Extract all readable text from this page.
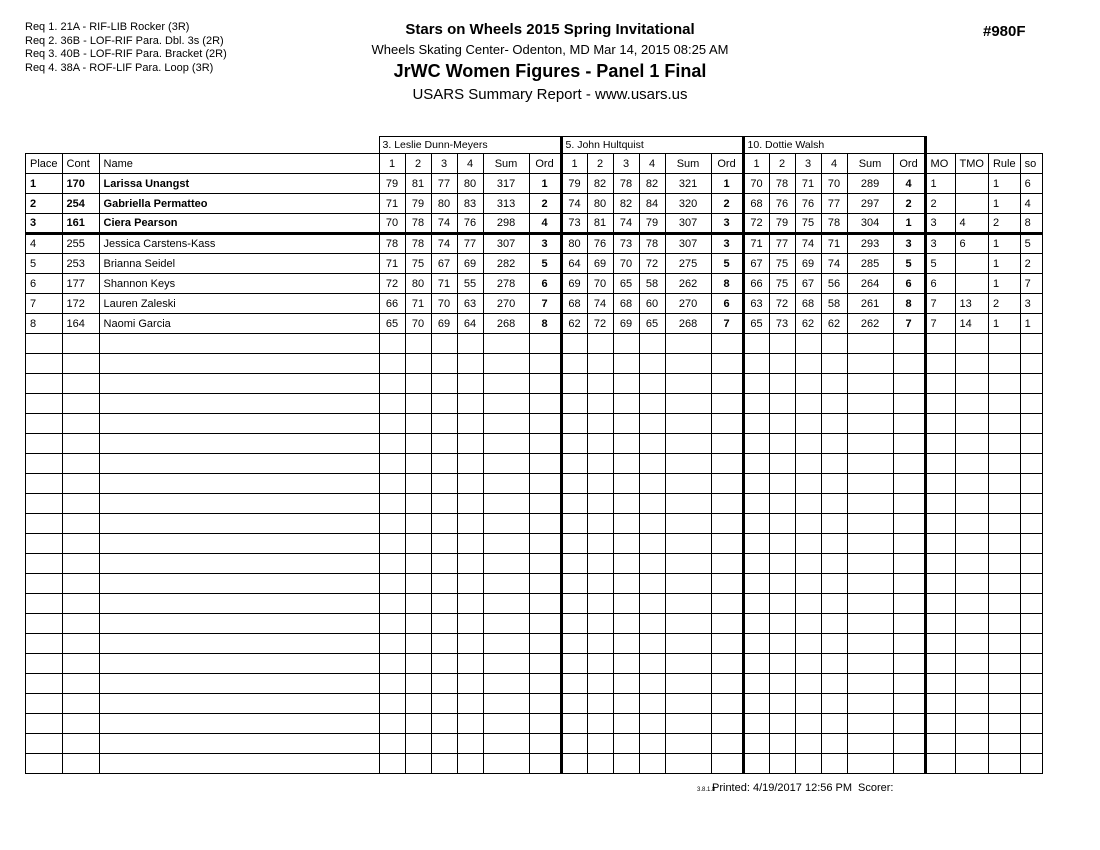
Req 1. 21A - RIF-LIB Rocker (3R)
Req 2. 36B - LOF-RIF Para. Dbl. 3s (2R)
Req 3. 40B - LOF-RIF Para. Bracket (2R)
Req 4. 38A - ROF-LIF Para. Loop (3R)
Stars on Wheels 2015 Spring Invitational
Wheels Skating Center- Odenton, MD Mar 14, 2015 08:25 AM
JrWC Women Figures - Panel 1 Final
USARS Summary Report - www.usars.us
#980F
			3. Leslie Dunn-Meyers						5. John Hultquist						10. Dottie Walsh									
Place	Cont	Name	1	2	3	4	Sum	Ord	1	2	3	4	Sum	Ord	1	2	3	4	Sum	Ord	MO	TMO	Rule	so
1	170	Larissa Unangst	79	81	77	80	317	1	79	82	78	82	321	1	70	78	71	70	289	4	1		1	6
2	254	Gabriella Permatteo	71	79	80	83	313	2	74	80	82	84	320	2	68	76	76	77	297	2	2		1	4
3	161	Ciera Pearson	70	78	74	76	298	4	73	81	74	79	307	3	72	79	75	78	304	1	3	4	2	8
4	255	Jessica Carstens-Kass	78	78	74	77	307	3	80	76	73	78	307	3	71	77	74	71	293	3	3	6	1	5
5	253	Brianna Seidel	71	75	67	69	282	5	64	69	70	72	275	5	67	75	69	74	285	5	5		1	2
6	177	Shannon Keys	72	80	71	55	278	6	69	70	65	58	262	8	66	75	67	56	264	6	6		1	7
7	172	Lauren Zaleski	66	71	70	63	270	7	68	74	68	60	270	6	63	72	68	58	261	8	7	13	2	3
8	164	Naomi Garcia	65	70	69	64	268	8	62	72	69	65	268	7	65	73	62	62	262	7	7	14	1	1

3.8.1.8
Printed: 4/19/2017 12:56 PM Scorer:
